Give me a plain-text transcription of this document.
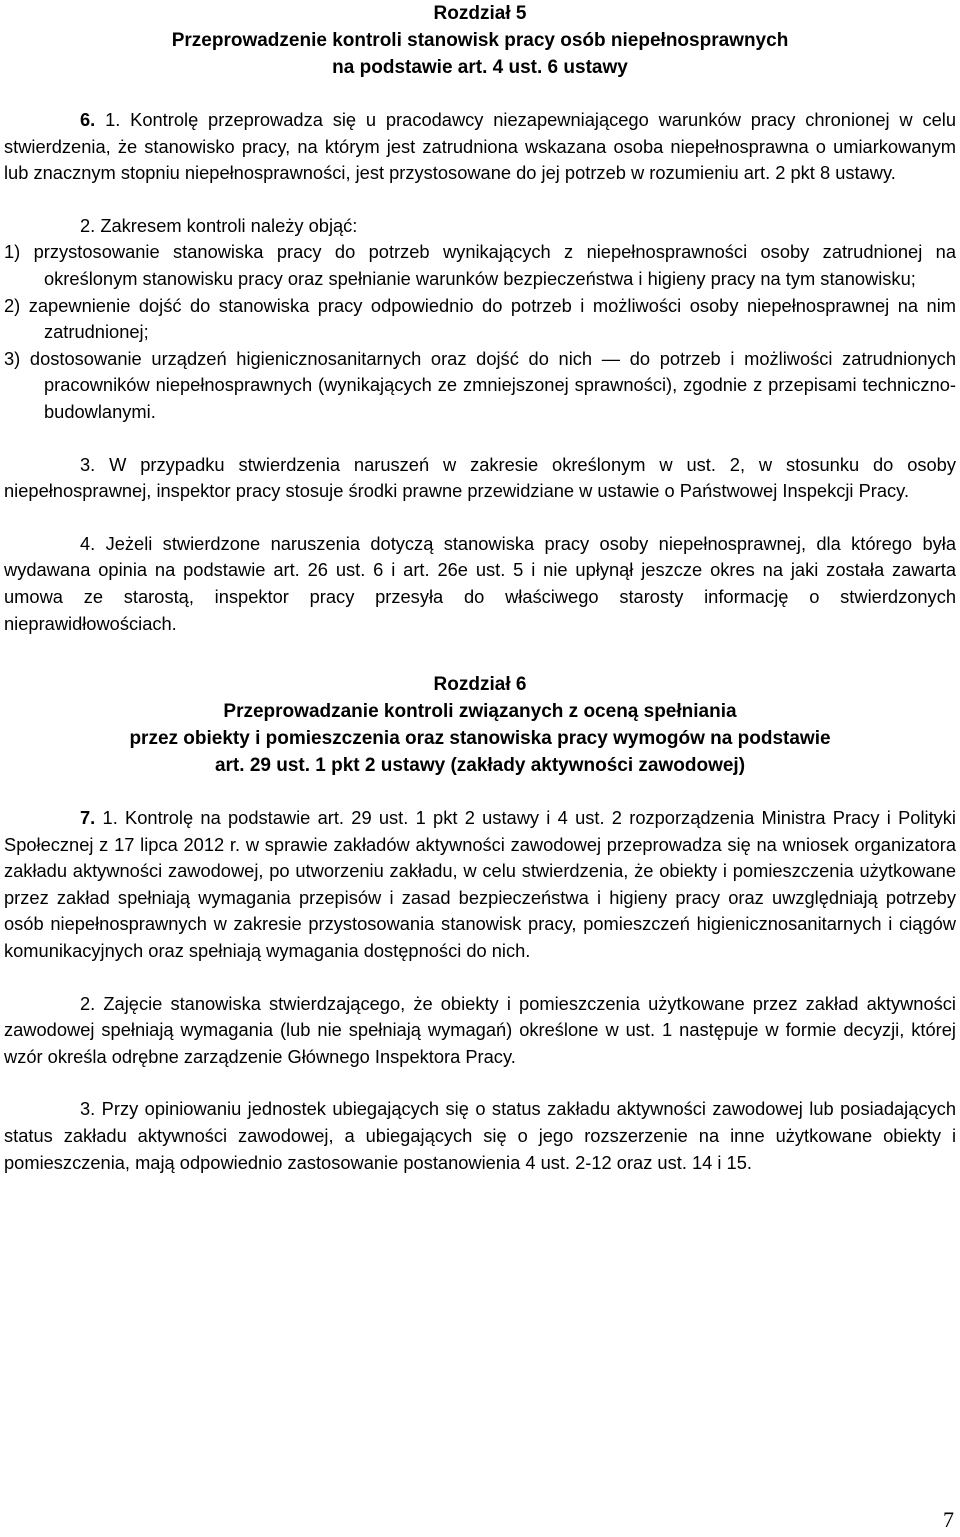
Rozdział 5

Przeprowadzenie kontroli stanowisk pracy osób niepełnosprawnych

na podstawie art. 4 ust. 6 ustawy

6. 1. Kontrolę przeprowadza się u pracodawcy niezapewniającego warunków pracy chronionej w celu stwierdzenia, że stanowisko pracy, na którym jest zatrudniona wskazana osoba niepełnosprawna o umiarkowanym lub znacznym stopniu niepełnosprawności, jest przystosowane do jej potrzeb w rozumieniu art. 2 pkt 8 ustawy.

2. Zakresem kontroli należy objąć:

1) przystosowanie stanowiska pracy do potrzeb wynikających z niepełnosprawności osoby zatrudnionej na określonym stanowisku pracy oraz spełnianie warunków bezpieczeństwa i higieny pracy na tym stanowisku;

2) zapewnienie dojść do stanowiska pracy odpowiednio do potrzeb i możliwości osoby niepełnosprawnej na nim zatrudnionej;

3) dostosowanie urządzeń higienicznosanitarnych oraz dojść do nich — do potrzeb i możliwości zatrudnionych pracowników niepełnosprawnych (wynikających ze zmniejszonej sprawności), zgodnie z przepisami techniczno-budowlanymi.

3. W przypadku stwierdzenia naruszeń w zakresie określonym w ust. 2, w stosunku do osoby niepełnosprawnej, inspektor pracy stosuje środki prawne przewidziane w ustawie o Państwowej Inspekcji Pracy.

4. Jeżeli stwierdzone naruszenia dotyczą stanowiska pracy osoby niepełnosprawnej, dla którego była wydawana opinia na podstawie art. 26 ust. 6 i art. 26e ust. 5 i nie upłynął jeszcze okres na jaki została zawarta umowa ze starostą, inspektor pracy przesyła do właściwego starosty informację o stwierdzonych nieprawidłowościach.

Rozdział 6

Przeprowadzanie kontroli związanych z oceną spełniania

przez obiekty i pomieszczenia oraz stanowiska pracy wymogów na podstawie

art. 29 ust. 1 pkt 2 ustawy (zakłady aktywności zawodowej)

7. 1. Kontrolę na podstawie art. 29 ust. 1 pkt 2 ustawy i 4 ust. 2 rozporządzenia Ministra Pracy i Polityki Społecznej z 17 lipca 2012 r. w sprawie zakładów aktywności zawodowej przeprowadza się na wniosek organizatora zakładu aktywności zawodowej, po utworzeniu zakładu, w celu stwierdzenia, że obiekty i pomieszczenia użytkowane przez zakład spełniają wymagania przepisów i zasad bezpieczeństwa i higieny pracy oraz uwzględniają potrzeby osób niepełnosprawnych w zakresie przystosowania stanowisk pracy, pomieszczeń higienicznosanitarnych i ciągów komunikacyjnych oraz spełniają wymagania dostępności do nich.

2. Zajęcie stanowiska stwierdzającego, że obiekty i pomieszczenia użytkowane przez zakład aktywności zawodowej spełniają wymagania (lub nie spełniają wymagań) określone w ust. 1 następuje w formie decyzji, której wzór określa odrębne zarządzenie Głównego Inspektora Pracy.

3. Przy opiniowaniu jednostek ubiegających się o status zakładu aktywności zawodowej lub posiadających status zakładu aktywności zawodowej, a ubiegających się o jego rozszerzenie na inne użytkowane obiekty i pomieszczenia, mają odpowiednio zastosowanie postanowienia 4 ust. 2-12 oraz ust. 14 i 15.

7
